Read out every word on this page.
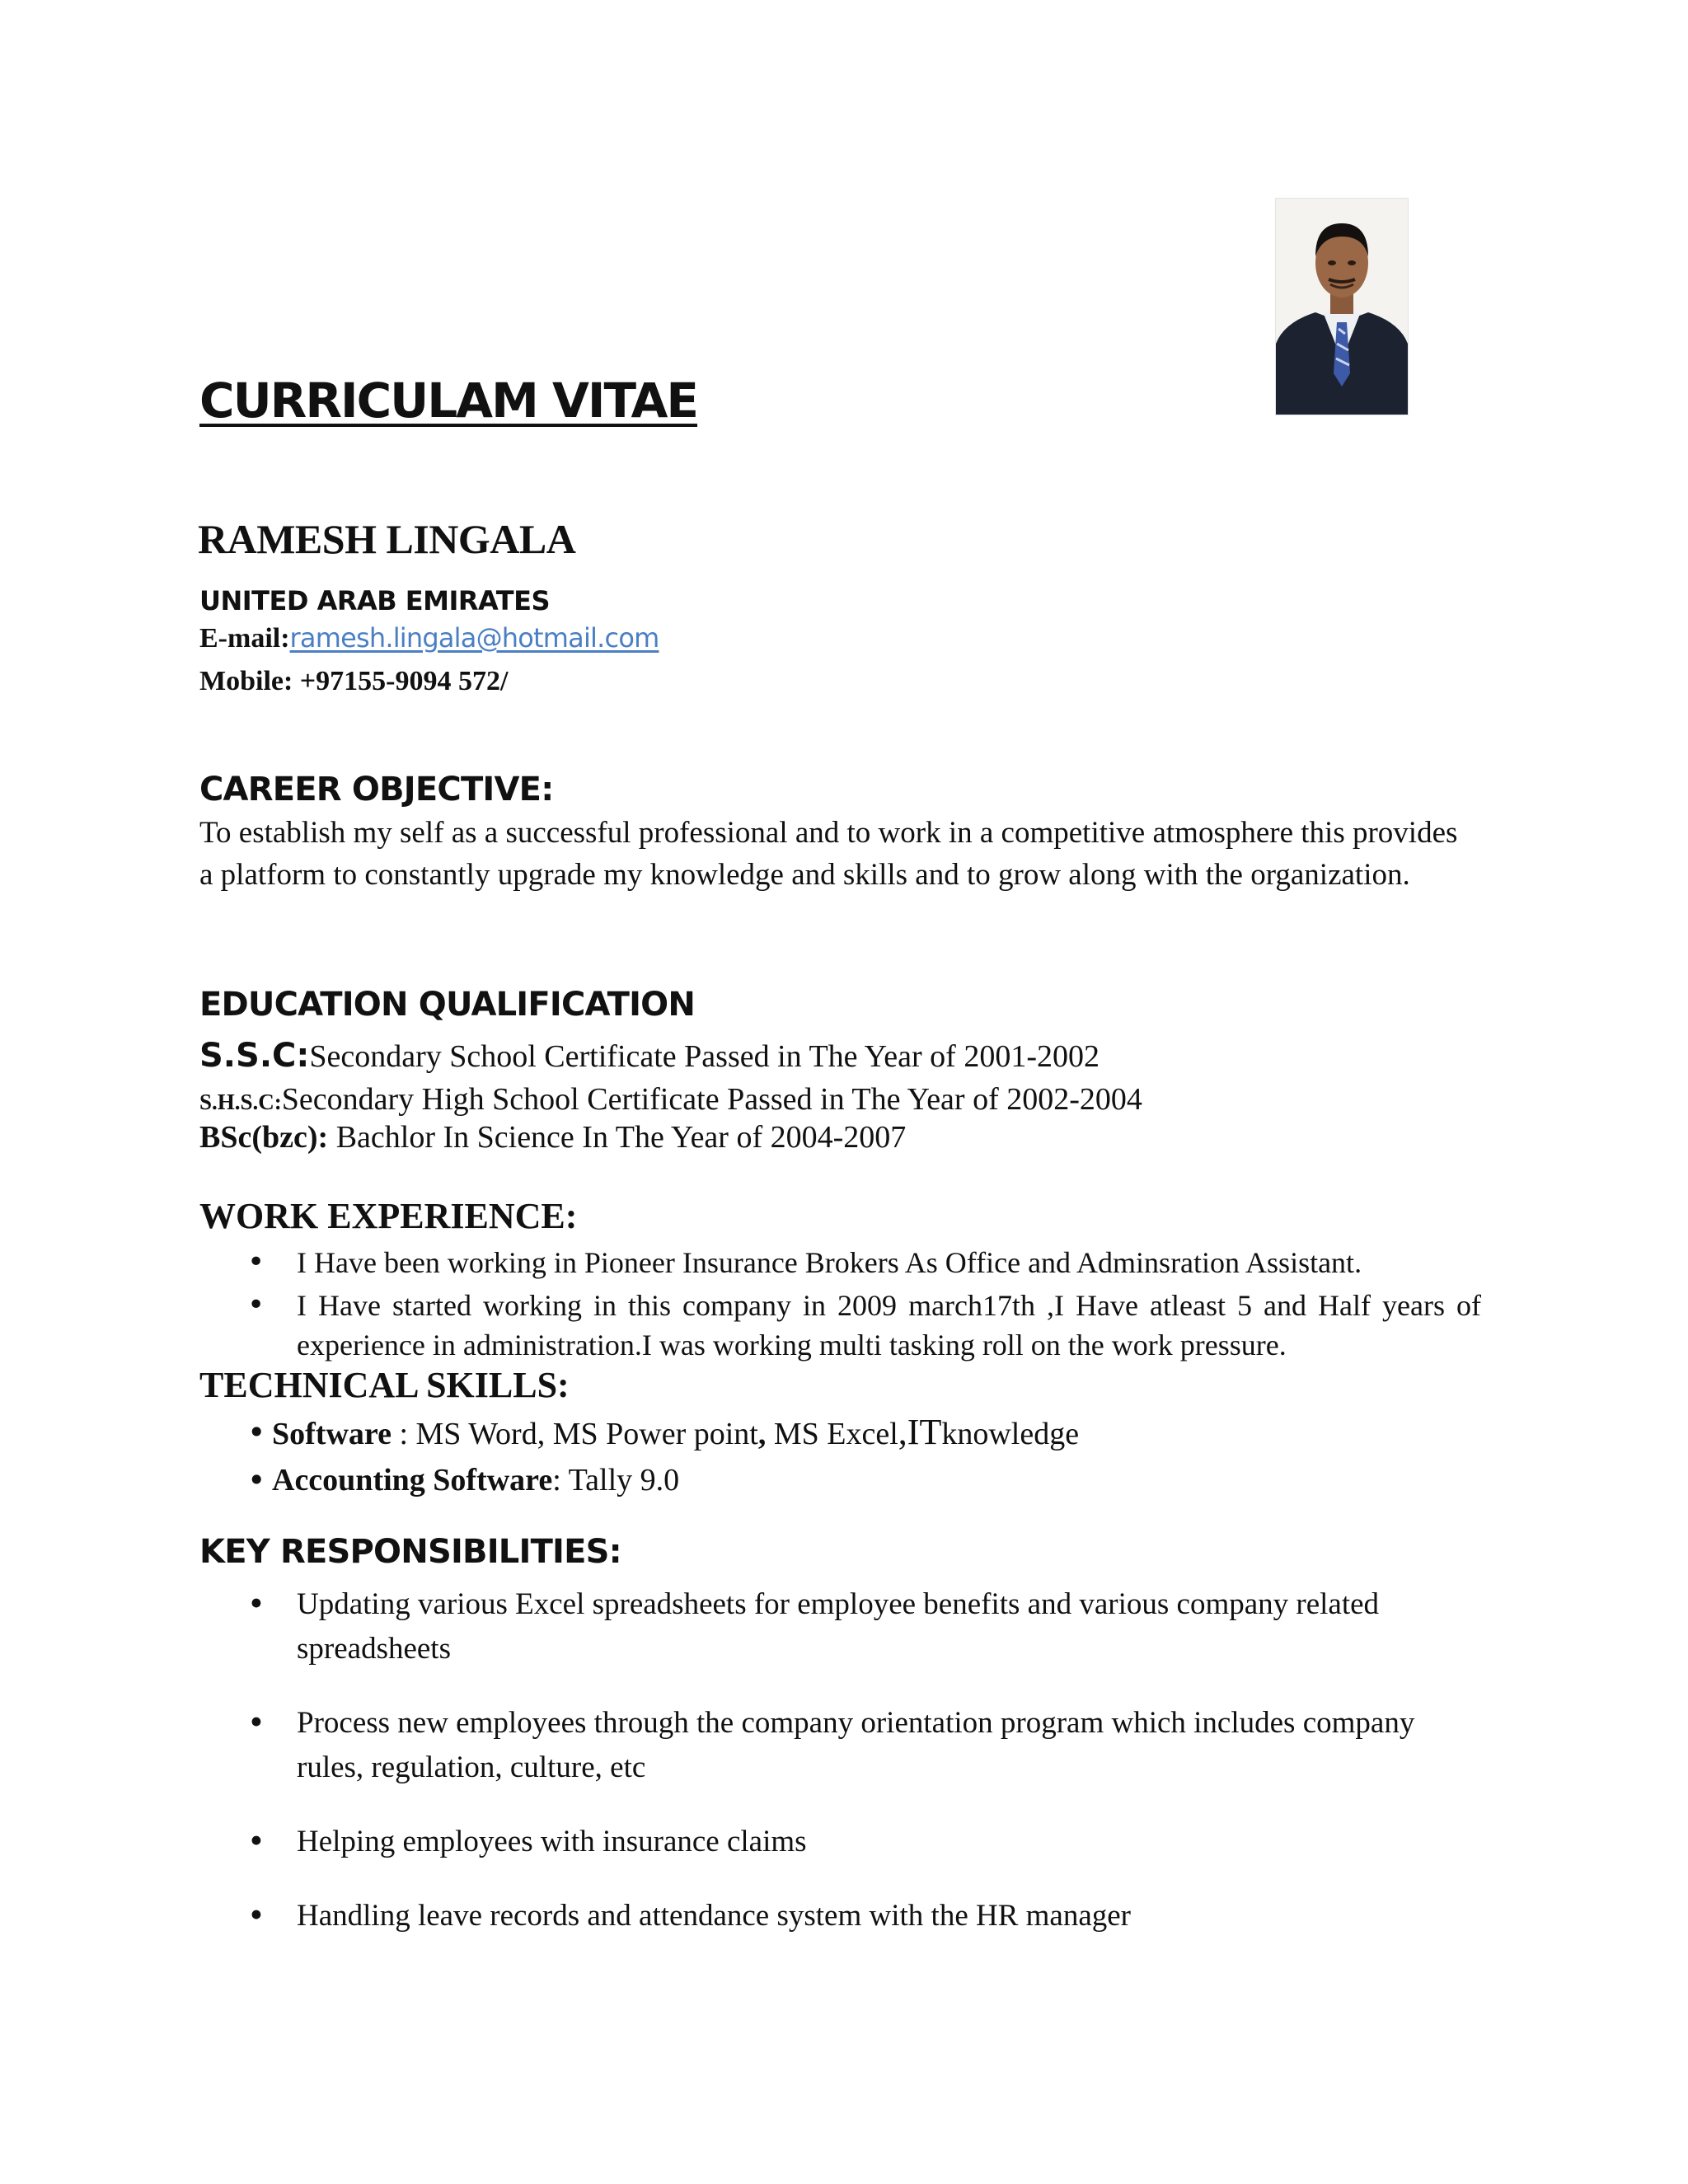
CURRICULAM VITAE
RAMESH LINGALA
UNITED ARAB EMIRATES
E-mail:ramesh.lingala@hotmail.com
Mobile: +97155-9094 572/
CAREER OBJECTIVE:
To establish my self as a successful professional and to work in a competitive atmosphere this provides a platform to constantly upgrade my knowledge and skills and to grow along with the organization.
EDUCATION QUALIFICATION
S.S.C:Secondary School Certificate Passed in The Year of 2001-2002
S.H.S.C:Secondary High School Certificate Passed in The Year of 2002-2004
BSc(bzc): Bachlor In Science In The Year of 2004-2007
WORK EXPERIENCE:
• I Have been working in Pioneer Insurance Brokers As Office and Adminsration Assistant.
• I Have started working in this company in 2009 march17th ,I Have atleast 5 and Half years of experience in administration.I was working multi tasking roll on the work pressure.
TECHNICAL SKILLS:
• Software : MS Word, MS Power point, MS Excel,ITknowledge
• Accounting Software: Tally 9.0
KEY RESPONSIBILITIES:
• Updating various Excel spreadsheets for employee benefits and various company related spreadsheets
• Process new employees through the company orientation program which includes company rules, regulation, culture, etc
• Helping employees with insurance claims
• Handling leave records and attendance system with the HR manager
